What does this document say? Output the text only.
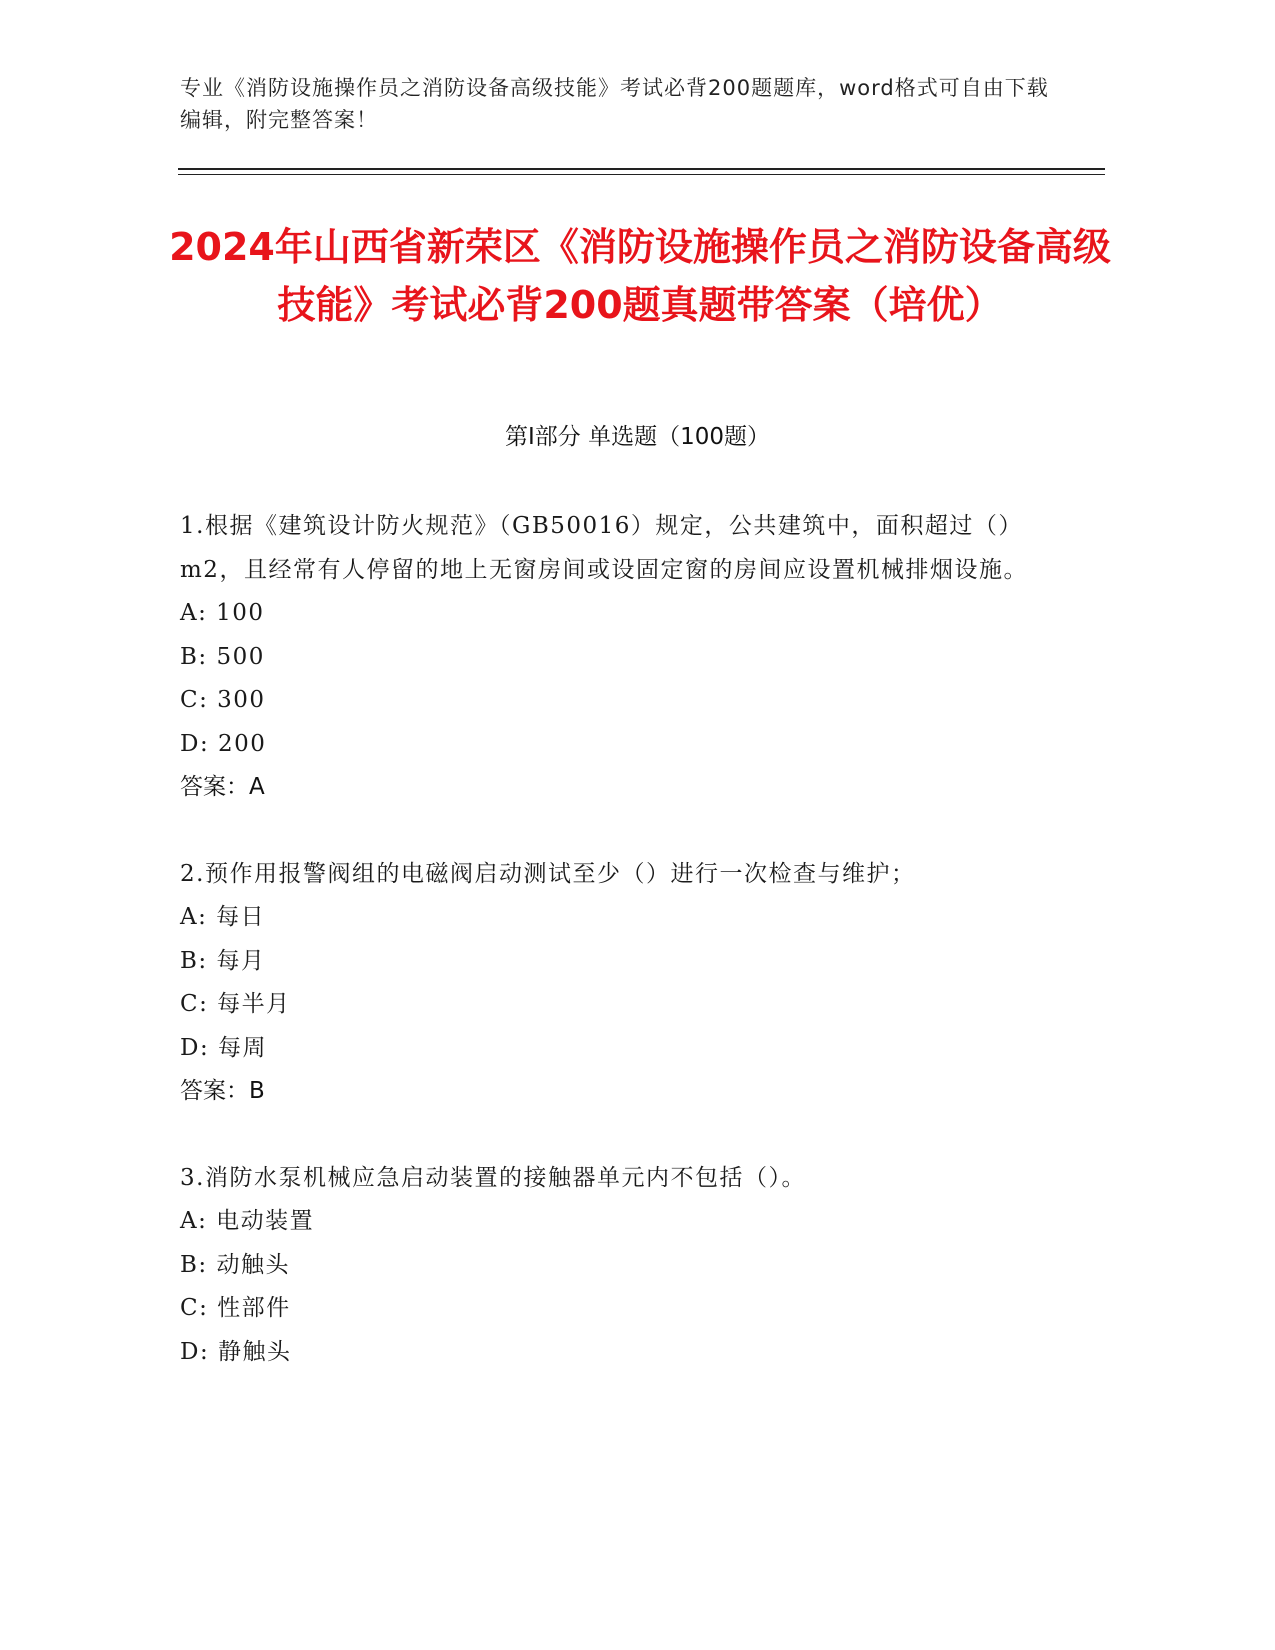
专业《消防设施操作员之消防设备高级技能》考试必背200题题库，word格式可自由下载编辑，附完整答案！
2024年山西省新荣区《消防设施操作员之消防设备高级技能》考试必背200题真题带答案（培优）
第I部分 单选题（100题）

1.根据《建筑设计防火规范》（GB50016）规定，公共建筑中，面积超过（）m2，且经常有人停留的地上无窗房间或设固定窗的房间应设置机械排烟设施。

A: 100

B: 500

C: 300

D: 200

答案：A

2.预作用报警阀组的电磁阀启动测试至少（）进行一次检查与维护；

A: 每日

B: 每月

C: 每半月

D: 每周

答案：B

3.消防水泵机械应急启动装置的接触器单元内不包括（）。

A: 电动装置

B: 动触头

C: 性部件

D: 静触头
